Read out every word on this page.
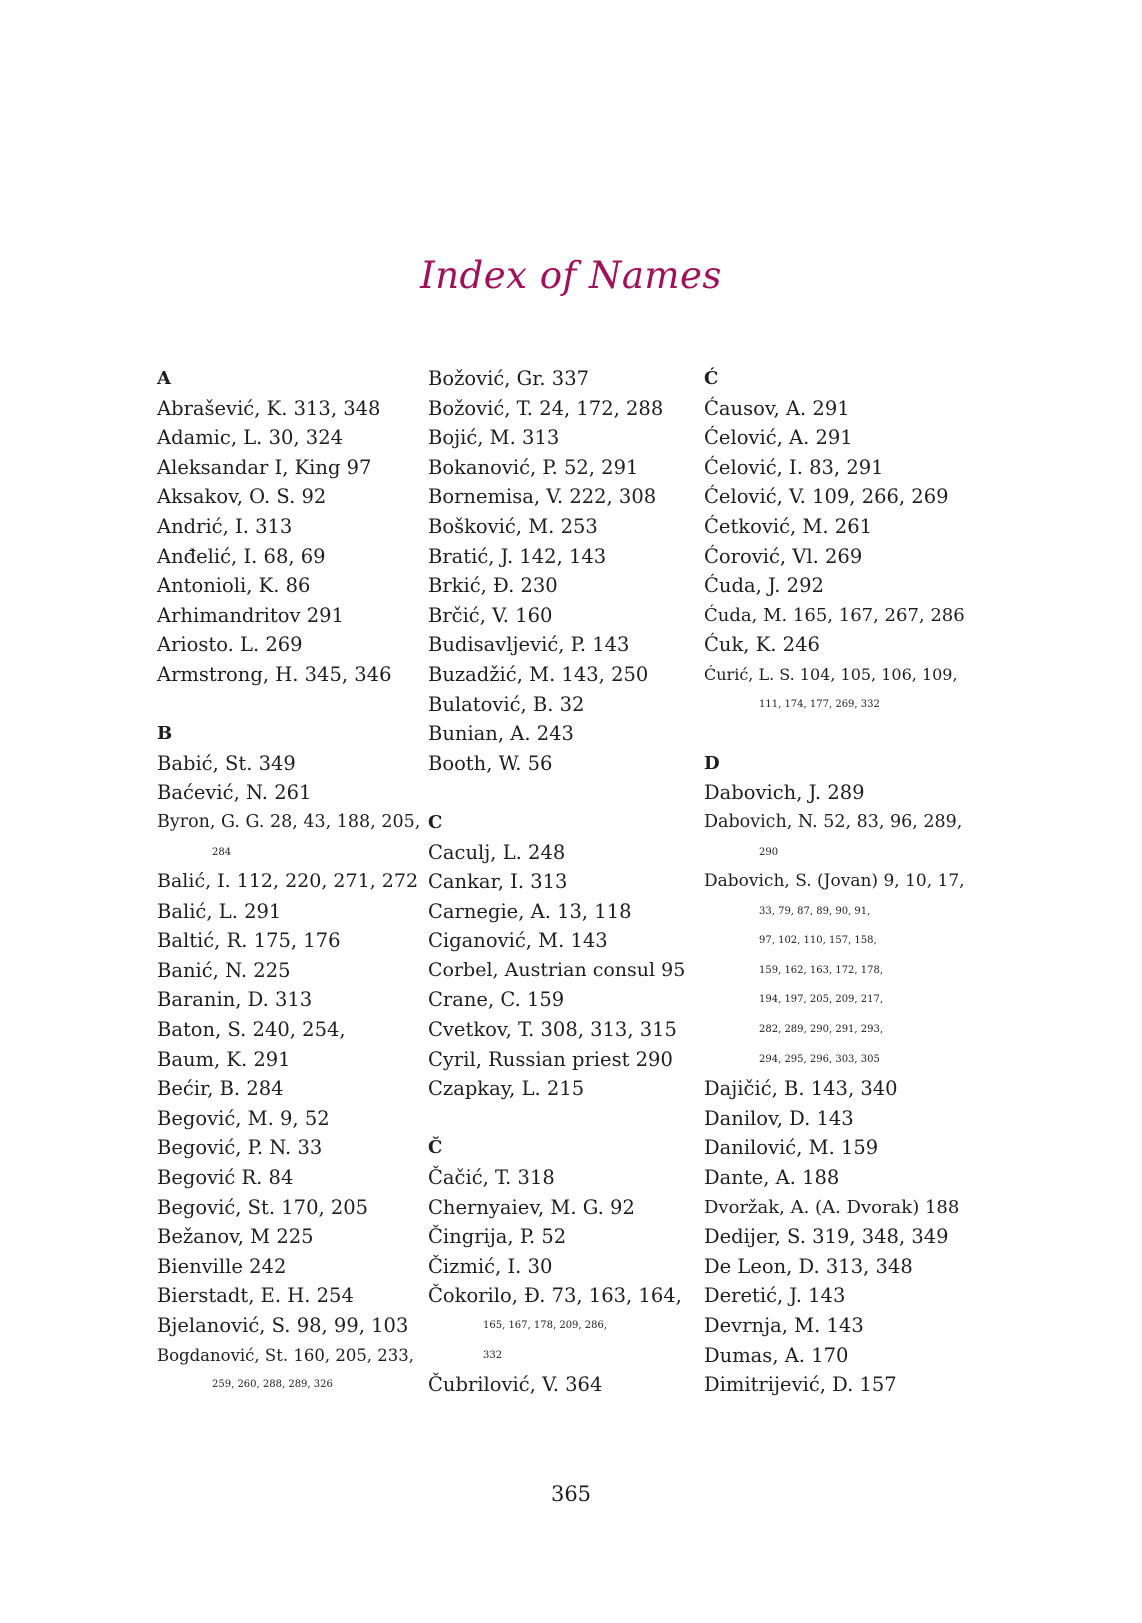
Index of Names
A
Abrašević, K. 313, 348
Adamic, L. 30, 324
Aleksandar I, King 97
Aksakov, O. S. 92
Andrić, I. 313
Anđelić, I. 68, 69
Antonioli, K. 86
Arhimandritov 291
Ariosto. L. 269
Armstrong, H. 345, 346
B
Babić, St. 349
Baćević, N. 261
Byron, G. G. 28, 43, 188, 205,
284
Balić, I. 112, 220, 271, 272
Balić, L. 291
Baltić, R. 175, 176
Banić, N. 225
Baranin, D. 313
Baton, S. 240, 254,
Baum, K. 291
Bećir, B. 284
Begović, M. 9, 52
Begović, P. N. 33
Begović R. 84
Begović, St. 170, 205
Bežanov, M 225
Bienville 242
Bierstadt, E. H. 254
Bjelanović, S. 98, 99, 103
Bogdanović, St. 160, 205, 233,
259, 260, 288, 289, 326
Božović, Gr. 337
Božović, T. 24, 172, 288
Bojić, M. 313
Bokanović, P. 52, 291
Bornemisa, V. 222, 308
Bošković, M. 253
Bratić, J. 142, 143
Brkić, Đ. 230
Brčić, V. 160
Budisavljević, P. 143
Buzadžić, M. 143, 250
Bulatović, B. 32
Bunian, A. 243
Booth, W. 56
C
Caculj, L. 248
Cankar, I. 313
Carnegie, A. 13, 118
Ciganović, M. 143
Corbel, Austrian consul 95
Crane, C. 159
Cvetkov, T. 308, 313, 315
Cyril, Russian priest 290
Czapkay, L. 215
Č
Čačić, T. 318
Chernyaiev, M. G. 92
Čingrija, P. 52
Čizmić, I. 30
Čokorilo, Đ. 73, 163, 164,
165, 167, 178, 209, 286,
332
Čubrilović, V. 364
Ć
Ćausov, A. 291
Ćelović, A. 291
Ćelović, I. 83, 291
Ćelović, V. 109, 266, 269
Ćetković, M. 261
Ćorović, Vl. 269
Ćuda, J. 292
Ćuda, M. 165, 167, 267, 286
Ćuk, K. 246
Ćurić, L. S. 104, 105, 106, 109,
111, 174, 177, 269, 332
D
Dabovich, J. 289
Dabovich, N. 52, 83, 96, 289,
290
Dabovich, S. (Jovan) 9, 10, 17,
33, 79, 87, 89, 90, 91,
97, 102, 110, 157, 158,
159, 162, 163, 172, 178,
194, 197, 205, 209, 217,
282, 289, 290, 291, 293,
294, 295, 296, 303, 305
Dajičić, B. 143, 340
Danilov, D. 143
Danilović, M. 159
Dante, A. 188
Dvoržak, A. (A. Dvorak) 188
Dedijer, S. 319, 348, 349
De Leon, D. 313, 348
Deretić, J. 143
Devrnja, M. 143
Dumas, A. 170
Dimitrijević, D. 157
365
